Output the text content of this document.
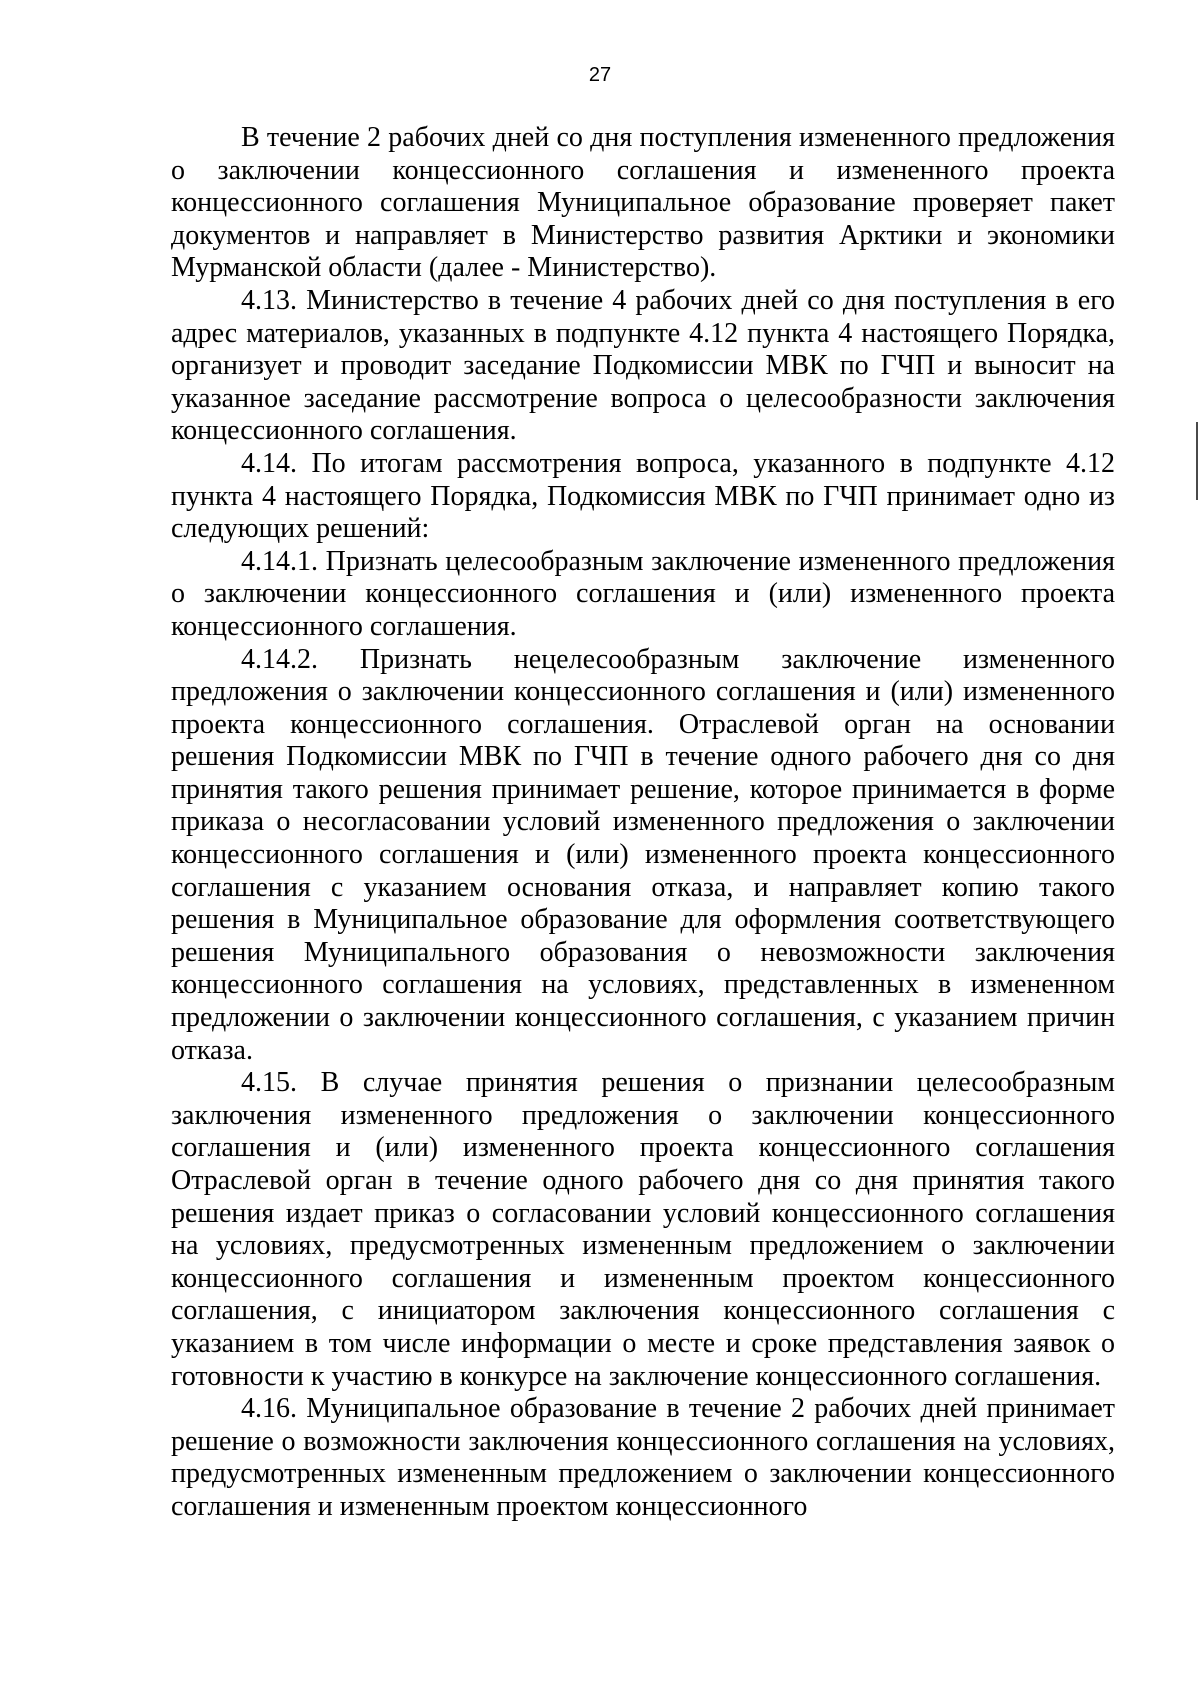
27

В течение 2 рабочих дней со дня поступления измененного предложения о заключении концессионного соглашения и измененного проекта концессионного соглашения Муниципальное образование проверяет пакет документов и направляет в Министерство развития Арктики и экономики Мурманской области (далее - Министерство).

4.13. Министерство в течение 4 рабочих дней со дня поступления в его адрес материалов, указанных в подпункте 4.12 пункта 4 настоящего Порядка, организует и проводит заседание Подкомиссии МВК по ГЧП и выносит на указанное заседание рассмотрение вопроса о целесообразности заключения концессионного соглашения.

4.14. По итогам рассмотрения вопроса, указанного в подпункте 4.12 пункта 4 настоящего Порядка, Подкомиссия МВК по ГЧП принимает одно из следующих решений:

4.14.1. Признать целесообразным заключение измененного предложения о заключении концессионного соглашения и (или) измененного проекта концессионного соглашения.

4.14.2. Признать нецелесообразным заключение измененного предложения о заключении концессионного соглашения и (или) измененного проекта концессионного соглашения. Отраслевой орган на основании решения Подкомиссии МВК по ГЧП в течение одного рабочего дня со дня принятия такого решения принимает решение, которое принимается в форме приказа о несогласовании условий измененного предложения о заключении концессионного соглашения и (или) измененного проекта концессионного соглашения с указанием основания отказа, и направляет копию такого решения в Муниципальное образование для оформления соответствующего решения Муниципального образования о невозможности заключения концессионного соглашения на условиях, представленных в измененном предложении о заключении концессионного соглашения, с указанием причин отказа.

4.15. В случае принятия решения о признании целесообразным заключения измененного предложения о заключении концессионного соглашения и (или) измененного проекта концессионного соглашения Отраслевой орган в течение одного рабочего дня со дня принятия такого решения издает приказ о согласовании условий концессионного соглашения на условиях, предусмотренных измененным предложением о заключении концессионного соглашения и измененным проектом концессионного соглашения, с инициатором заключения концессионного соглашения с указанием в том числе информации о месте и сроке представления заявок о готовности к участию в конкурсе на заключение концессионного соглашения.

4.16. Муниципальное образование в течение 2 рабочих дней принимает решение о возможности заключения концессионного соглашения на условиях, предусмотренных измененным предложением о заключении концессионного соглашения и измененным проектом концессионного
